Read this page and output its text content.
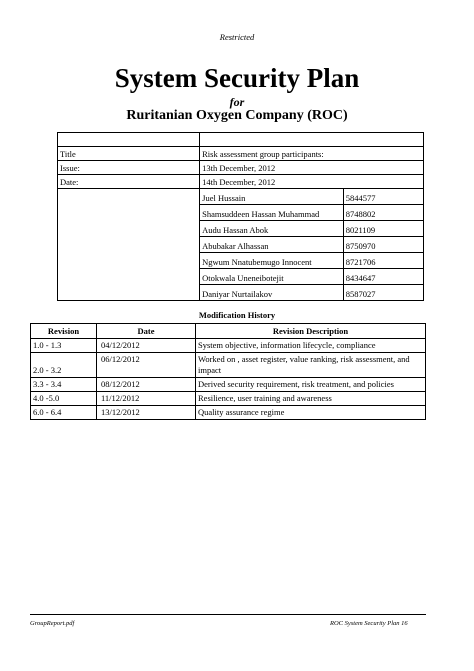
Restricted
System Security Plan
for
Ruritanian Oxygen Company (ROC)

Title	Risk assessment group participants:	
Issue:	13th December, 2012	
Date:	14th December, 2012	
	Juel Hussain	5844577
	Shamsuddeen Hassan Muhammad	8748802
	Audu Hassan Abok	8021109
	Abubakar Alhassan	8750970
	Ngwum Nnatubemugo Innocent	8721706
	Otokwala Uneneibotejit	8434647
	Daniyar Nurtailakov	8587027
Modification History
Revision	Date	Revision Description
1.0 - 1.3	04/12/2012	System objective, information lifecycle, compliance
2.0 - 3.2	06/12/2012	Worked on , asset register, value ranking, risk assessment, and impact
3.3 - 3.4	08/12/2012	Derived security requirement, risk treatment, and policies
4.0 -5.0	11/12/2012	Resilience, user training and awareness
6.0 - 6.4	13/12/2012	Quality assurance regime
GroupReport.pdf	ROC System Security Plan 16
